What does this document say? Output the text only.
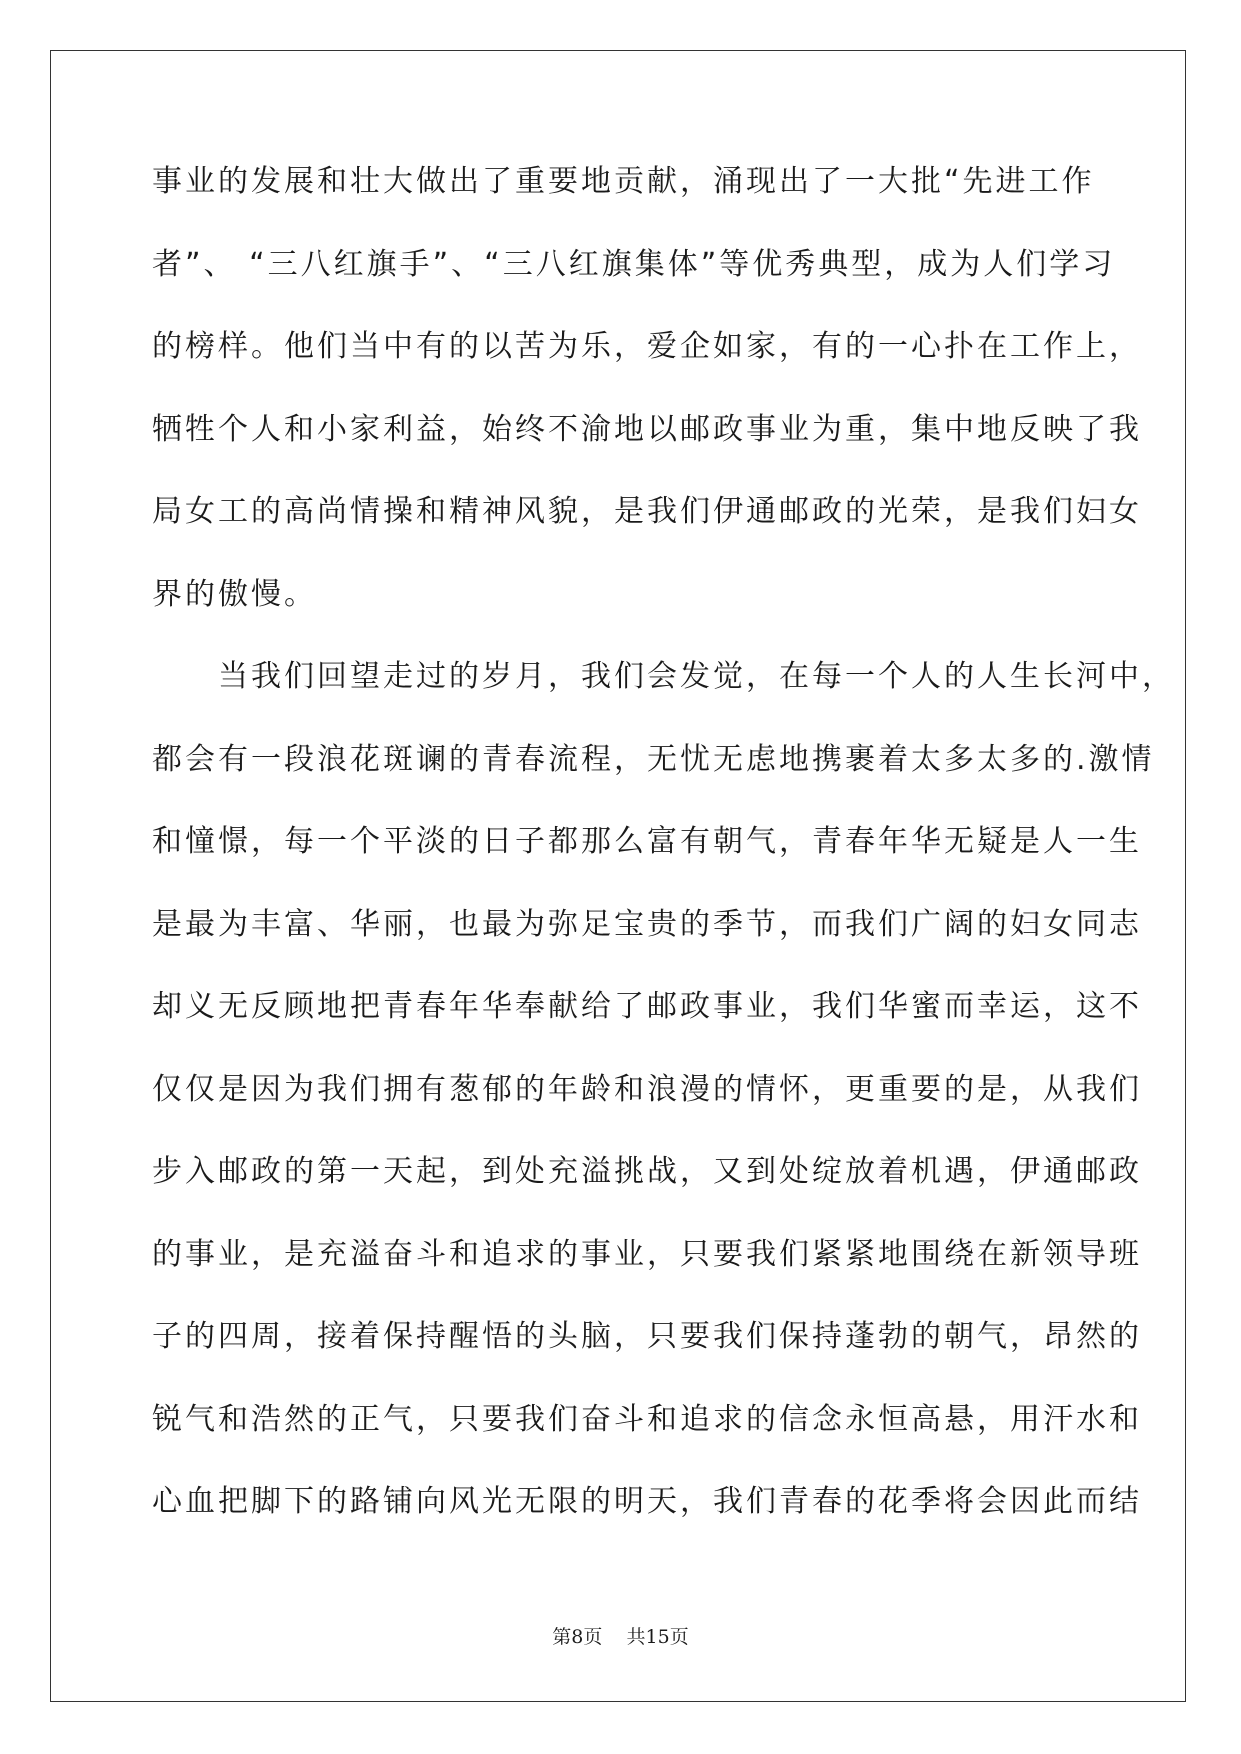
事业的发展和壮大做出了重要地贡献，涌现出了一大批“先进工作
者”、 “三八红旗手”、“三八红旗集体”等优秀典型，成为人们学习
的榜样。他们当中有的以苦为乐，爱企如家，有的一心扑在工作上，
牺牲个人和小家利益，始终不渝地以邮政事业为重，集中地反映了我
局女工的高尚情操和精神风貌，是我们伊通邮政的光荣，是我们妇女
界的傲慢。
　　当我们回望走过的岁月，我们会发觉，在每一个人的人生长河中，
都会有一段浪花斑谰的青春流程，无忧无虑地携裹着太多太多的.激情
和憧憬，每一个平淡的日子都那么富有朝气，青春年华无疑是人一生
是最为丰富、华丽，也最为弥足宝贵的季节，而我们广阔的妇女同志
却义无反顾地把青春年华奉献给了邮政事业，我们华蜜而幸运，这不
仅仅是因为我们拥有葱郁的年龄和浪漫的情怀，更重要的是，从我们
步入邮政的第一天起，到处充溢挑战，又到处绽放着机遇，伊通邮政
的事业，是充溢奋斗和追求的事业，只要我们紧紧地围绕在新领导班
子的四周，接着保持醒悟的头脑，只要我们保持蓬勃的朝气，昂然的
锐气和浩然的正气，只要我们奋斗和追求的信念永恒高悬，用汗水和
心血把脚下的路铺向风光无限的明天，我们青春的花季将会因此而结
第8页 共15页
